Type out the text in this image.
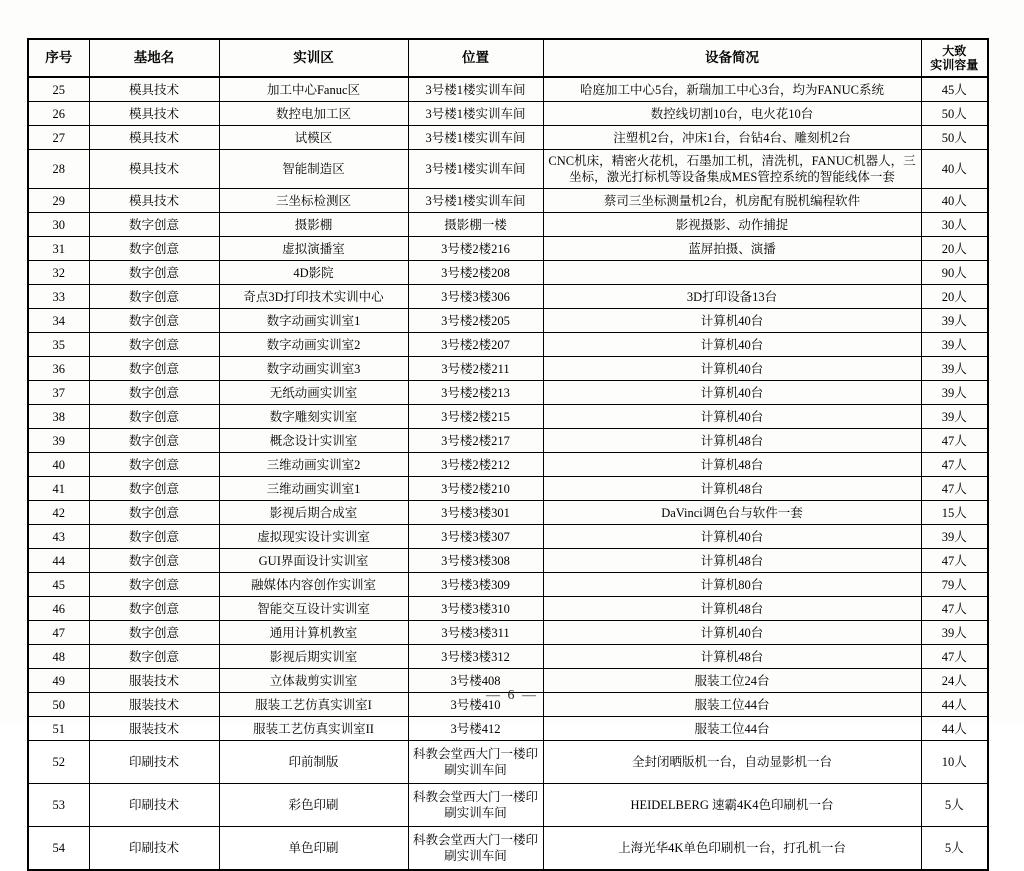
序号	基地名	实训区	位置	设备简况	大致
实训容量
25	模具技术	加工中心Fanuc区	3号楼1楼实训车间	哈庭加工中心5台，新瑞加工中心3台，均为FANUC系统	45人
26	模具技术	数控电加工区	3号楼1楼实训车间	数控线切割10台，电火花10台	50人
27	模具技术	试模区	3号楼1楼实训车间	注塑机2台，冲床1台，台钻4台、雕刻机2台	50人
28	模具技术	智能制造区	3号楼1楼实训车间	CNC机床，精密火花机，石墨加工机，清洗机，FANUC机器人，三坐标，激光打标机等设备集成MES管控系统的智能线体一套	40人
29	模具技术	三坐标检测区	3号楼1楼实训车间	蔡司三坐标测量机2台，机房配有脱机编程软件	40人
30	数字创意	摄影棚	摄影棚一楼	影视摄影、动作捕捉	30人
31	数字创意	虚拟演播室	3号楼2楼216	蓝屏拍摄、演播	20人
32	数字创意	4D影院	3号楼2楼208		90人
33	数字创意	奇点3D打印技术实训中心	3号楼3楼306	3D打印设备13台	20人
34	数字创意	数字动画实训室1	3号楼2楼205	计算机40台	39人
35	数字创意	数字动画实训室2	3号楼2楼207	计算机40台	39人
36	数字创意	数字动画实训室3	3号楼2楼211	计算机40台	39人
37	数字创意	无纸动画实训室	3号楼2楼213	计算机40台	39人
38	数字创意	数字雕刻实训室	3号楼2楼215	计算机40台	39人
39	数字创意	概念设计实训室	3号楼2楼217	计算机48台	47人
40	数字创意	三维动画实训室2	3号楼2楼212	计算机48台	47人
41	数字创意	三维动画实训室1	3号楼2楼210	计算机48台	47人
42	数字创意	影视后期合成室	3号楼3楼301	DaVinci调色台与软件一套	15人
43	数字创意	虚拟现实设计实训室	3号楼3楼307	计算机40台	39人
44	数字创意	GUI界面设计实训室	3号楼3楼308	计算机48台	47人
45	数字创意	融媒体内容创作实训室	3号楼3楼309	计算机80台	79人
46	数字创意	智能交互设计实训室	3号楼3楼310	计算机48台	47人
47	数字创意	通用计算机教室	3号楼3楼311	计算机40台	39人
48	数字创意	影视后期实训室	3号楼3楼312	计算机48台	47人
49	服装技术	立体裁剪实训室	3号楼408	服装工位24台	24人
50	服装技术	服装工艺仿真实训室I	3号楼410	服装工位44台	44人
51	服装技术	服装工艺仿真实训室II	3号楼412	服装工位44台	44人
52	印刷技术	印前制版	科教会堂西大门一楼印刷实训车间	全封闭晒版机一台，自动显影机一台	10人
53	印刷技术	彩色印刷	科教会堂西大门一楼印刷实训车间	HEIDELBERG 速霸4K4色印刷机一台	5人
54	印刷技术	单色印刷	科教会堂西大门一楼印刷实训车间	上海光华4K单色印刷机一台，打孔机一台	5人
— 6 —
